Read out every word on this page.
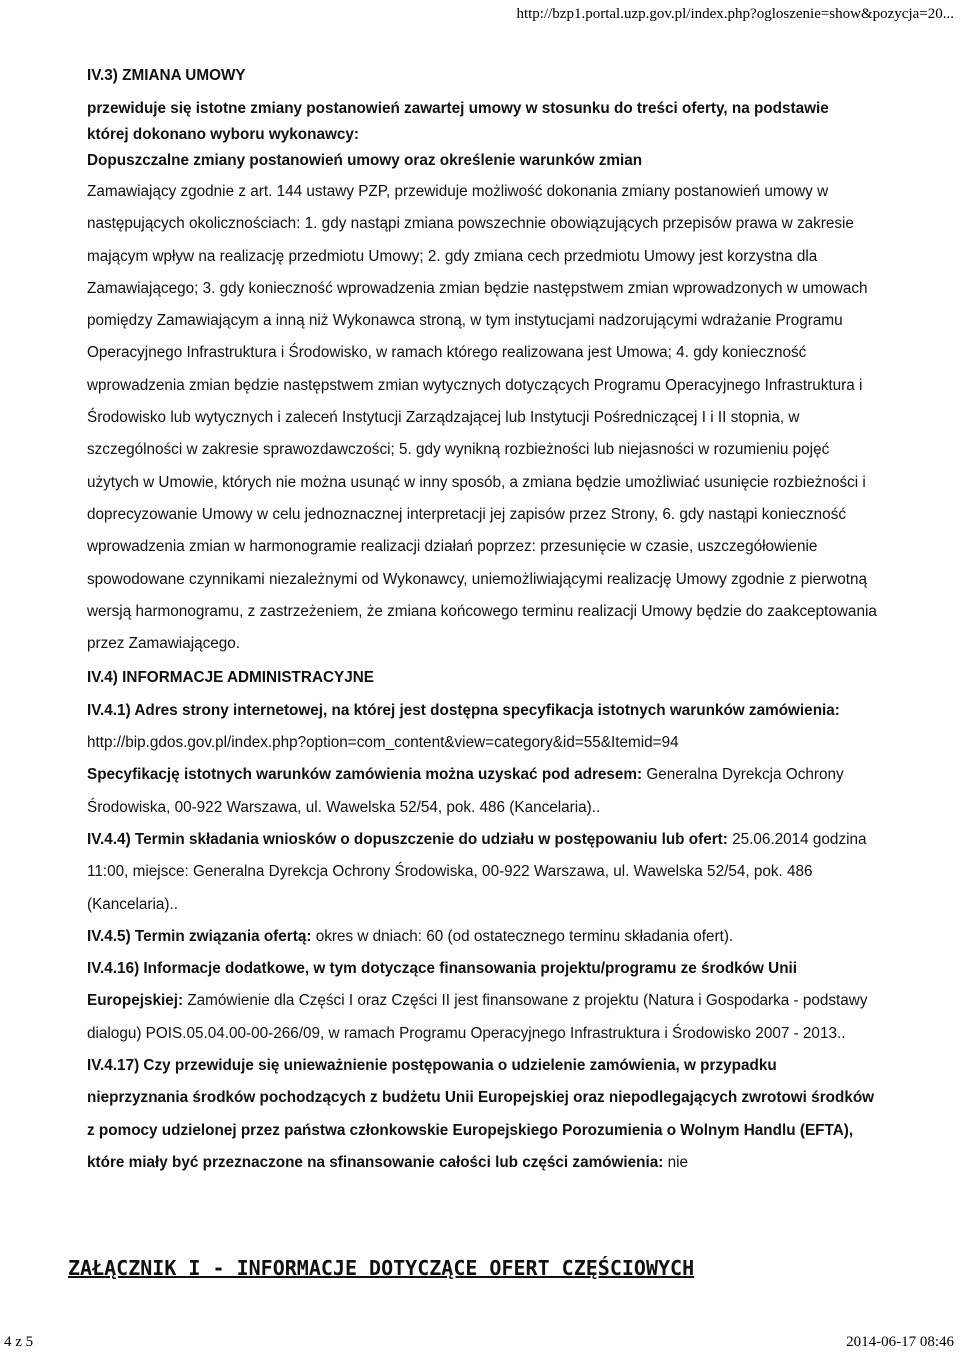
http://bzp1.portal.uzp.gov.pl/index.php?ogloszenie=show&pozycja=20...

IV.3) ZMIANA UMOWY

przewiduje się istotne zmiany postanowień zawartej umowy w stosunku do treści oferty, na podstawie

której dokonano wyboru wykonawcy:

Dopuszczalne zmiany postanowień umowy oraz określenie warunków zmian

Zamawiający zgodnie z art. 144 ustawy PZP, przewiduje możliwość dokonania zmiany postanowień umowy w następujących okolicznościach: 1. gdy nastąpi zmiana powszechnie obowiązujących przepisów prawa w zakresie mającym wpływ na realizację przedmiotu Umowy; 2. gdy zmiana cech przedmiotu Umowy jest korzystna dla Zamawiającego; 3. gdy konieczność wprowadzenia zmian będzie następstwem zmian wprowadzonych w umowach pomiędzy Zamawiającym a inną niż Wykonawca stroną, w tym instytucjami nadzorującymi wdrażanie Programu Operacyjnego Infrastruktura i Środowisko, w ramach którego realizowana jest Umowa; 4. gdy konieczność wprowadzenia zmian będzie następstwem zmian wytycznych dotyczących Programu Operacyjnego Infrastruktura i Środowisko lub wytycznych i zaleceń Instytucji Zarządzającej lub Instytucji Pośredniczącej I i II stopnia, w szczególności w zakresie sprawozdawczości; 5. gdy wynikną rozbieżności lub niejasności w rozumieniu pojęć użytych w Umowie, których nie można usunąć w inny sposób, a zmiana będzie umożliwiać usunięcie rozbieżności i doprecyzowanie Umowy w celu jednoznacznej interpretacji jej zapisów przez Strony, 6. gdy nastąpi konieczność wprowadzenia zmian w harmonogramie realizacji działań poprzez: przesunięcie w czasie, uszczegółowienie spowodowane czynnikami niezależnymi od Wykonawcy, uniemożliwiającymi realizację Umowy zgodnie z pierwotną wersją harmonogramu, z zastrzeżeniem, że zmiana końcowego terminu realizacji Umowy będzie do zaakceptowania przez Zamawiającego.

IV.4) INFORMACJE ADMINISTRACYJNE

IV.4.1) Adres strony internetowej, na której jest dostępna specyfikacja istotnych warunków zamówienia:
http://bip.gdos.gov.pl/index.php?option=com_content&view=category&id=55&Itemid=94

Specyfikację istotnych warunków zamówienia można uzyskać pod adresem: Generalna Dyrekcja Ochrony Środowiska, 00-922 Warszawa, ul. Wawelska 52/54, pok. 486 (Kancelaria)..

IV.4.4) Termin składania wniosków o dopuszczenie do udziału w postępowaniu lub ofert: 25.06.2014 godzina 11:00, miejsce: Generalna Dyrekcja Ochrony Środowiska, 00-922 Warszawa, ul. Wawelska 52/54, pok. 486 (Kancelaria)..

IV.4.5) Termin związania ofertą: okres w dniach: 60 (od ostatecznego terminu składania ofert).

IV.4.16) Informacje dodatkowe, w tym dotyczące finansowania projektu/programu ze środków Unii Europejskiej: Zamówienie dla Części I oraz Części II jest finansowane z projektu (Natura i Gospodarka - podstawy dialogu) POIS.05.04.00-00-266/09, w ramach Programu Operacyjnego Infrastruktura i Środowisko 2007 - 2013..

IV.4.17) Czy przewiduje się unieważnienie postępowania o udzielenie zamówienia, w przypadku nieprzyznania środków pochodzących z budżetu Unii Europejskiej oraz niepodlegających zwrotowi środków z pomocy udzielonej przez państwa członkowskie Europejskiego Porozumienia o Wolnym Handlu (EFTA), które miały być przeznaczone na sfinansowanie całości lub części zamówienia: nie

ZAŁĄCZNIK I - INFORMACJE DOTYCZĄCE OFERT CZĘŚCIOWYCH
4 z 5	2014-06-17 08:46
